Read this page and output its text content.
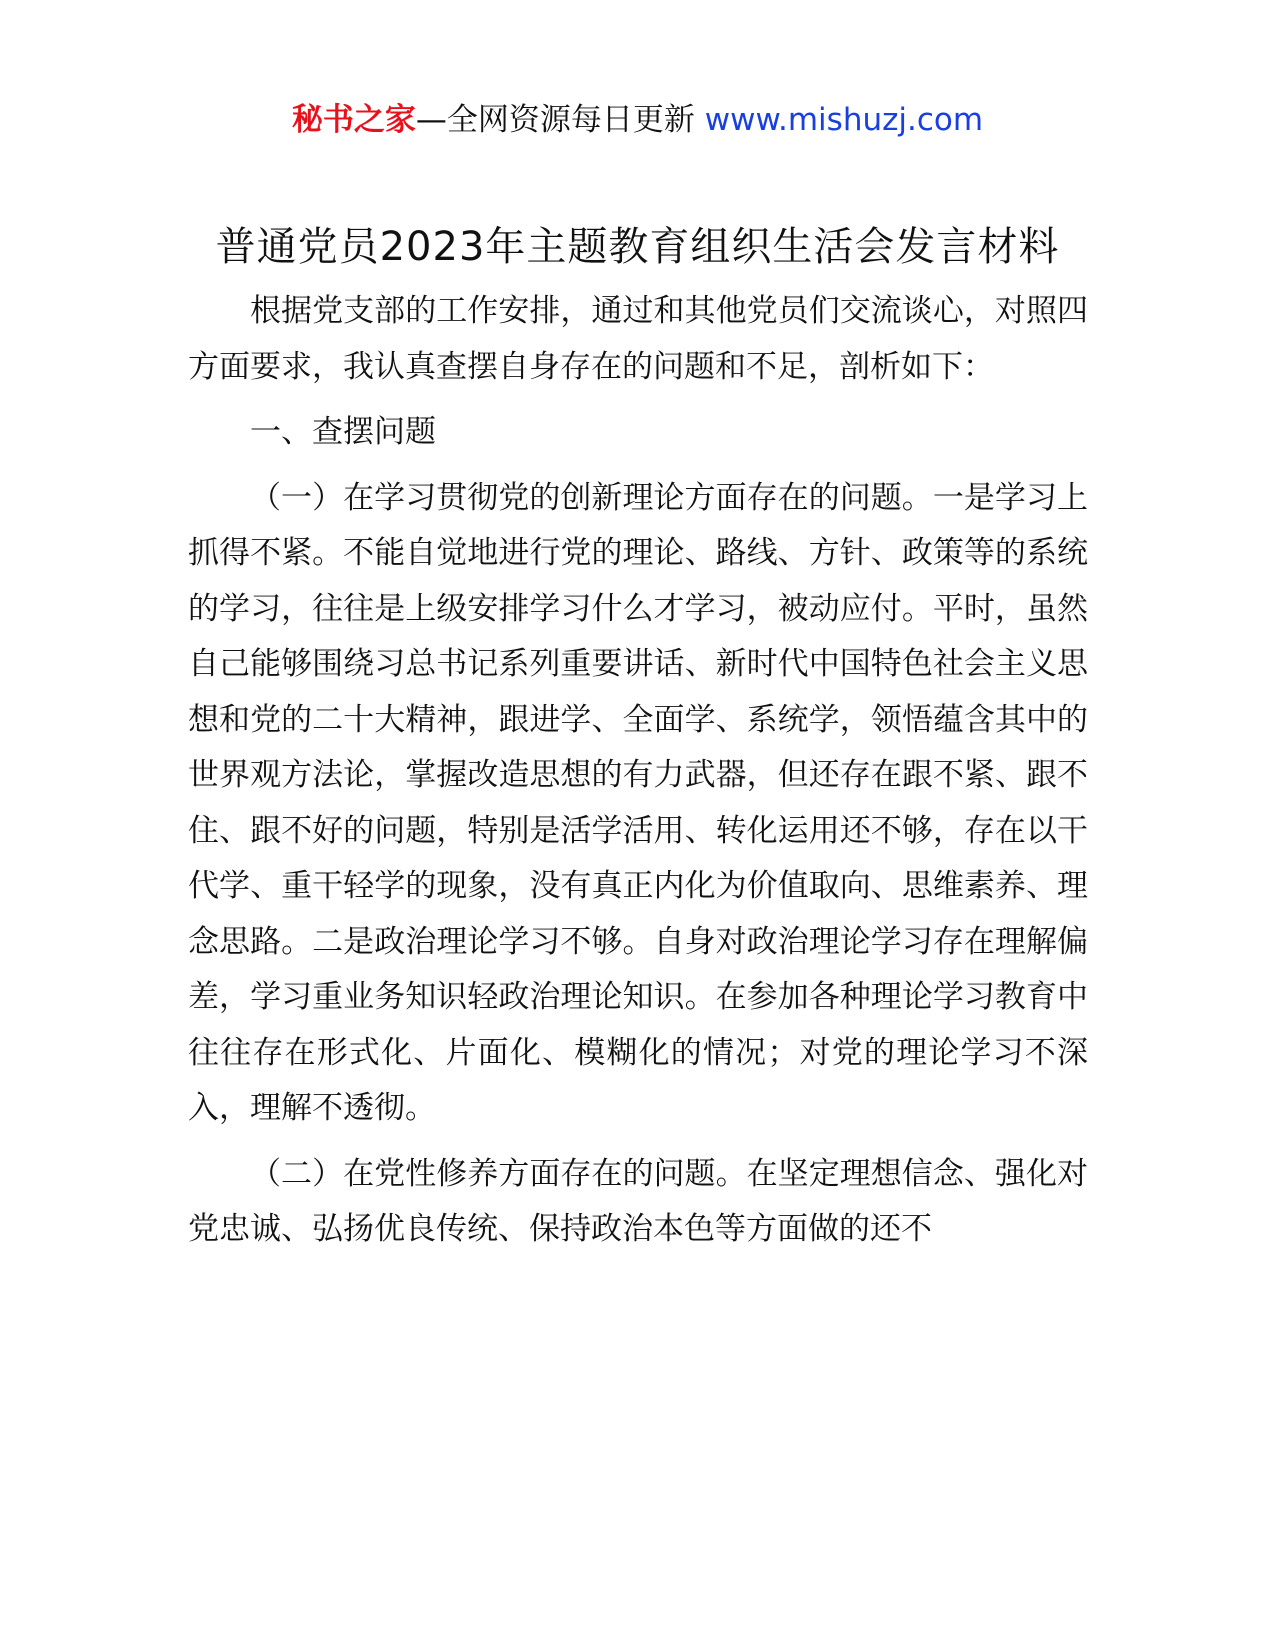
秘书之家—全网资源每日更新 www.mishuzj.com
普通党员2023年主题教育组织生活会发言材料

根据党支部的工作安排，通过和其他党员们交流谈心，对照四方面要求，我认真查摆自身存在的问题和不足，剖析如下：

一、查摆问题

（一）在学习贯彻党的创新理论方面存在的问题。一是学习上抓得不紧。不能自觉地进行党的理论、路线、方针、政策等的系统的学习，往往是上级安排学习什么才学习，被动应付。平时，虽然自己能够围绕习总书记系列重要讲话、新时代中国特色社会主义思想和党的二十大精神，跟进学、全面学、系统学，领悟蕴含其中的世界观方法论，掌握改造思想的有力武器，但还存在跟不紧、跟不住、跟不好的问题，特别是活学活用、转化运用还不够，存在以干代学、重干轻学的现象，没有真正内化为价值取向、思维素养、理念思路。二是政治理论学习不够。自身对政治理论学习存在理解偏差，学习重业务知识轻政治理论知识。在参加各种理论学习教育中往往存在形式化、片面化、模糊化的情况；对党的理论学习不深入，理解不透彻。

（二）在党性修养方面存在的问题。在坚定理想信念、强化对党忠诚、弘扬优良传统、保持政治本色等方面做的还不
